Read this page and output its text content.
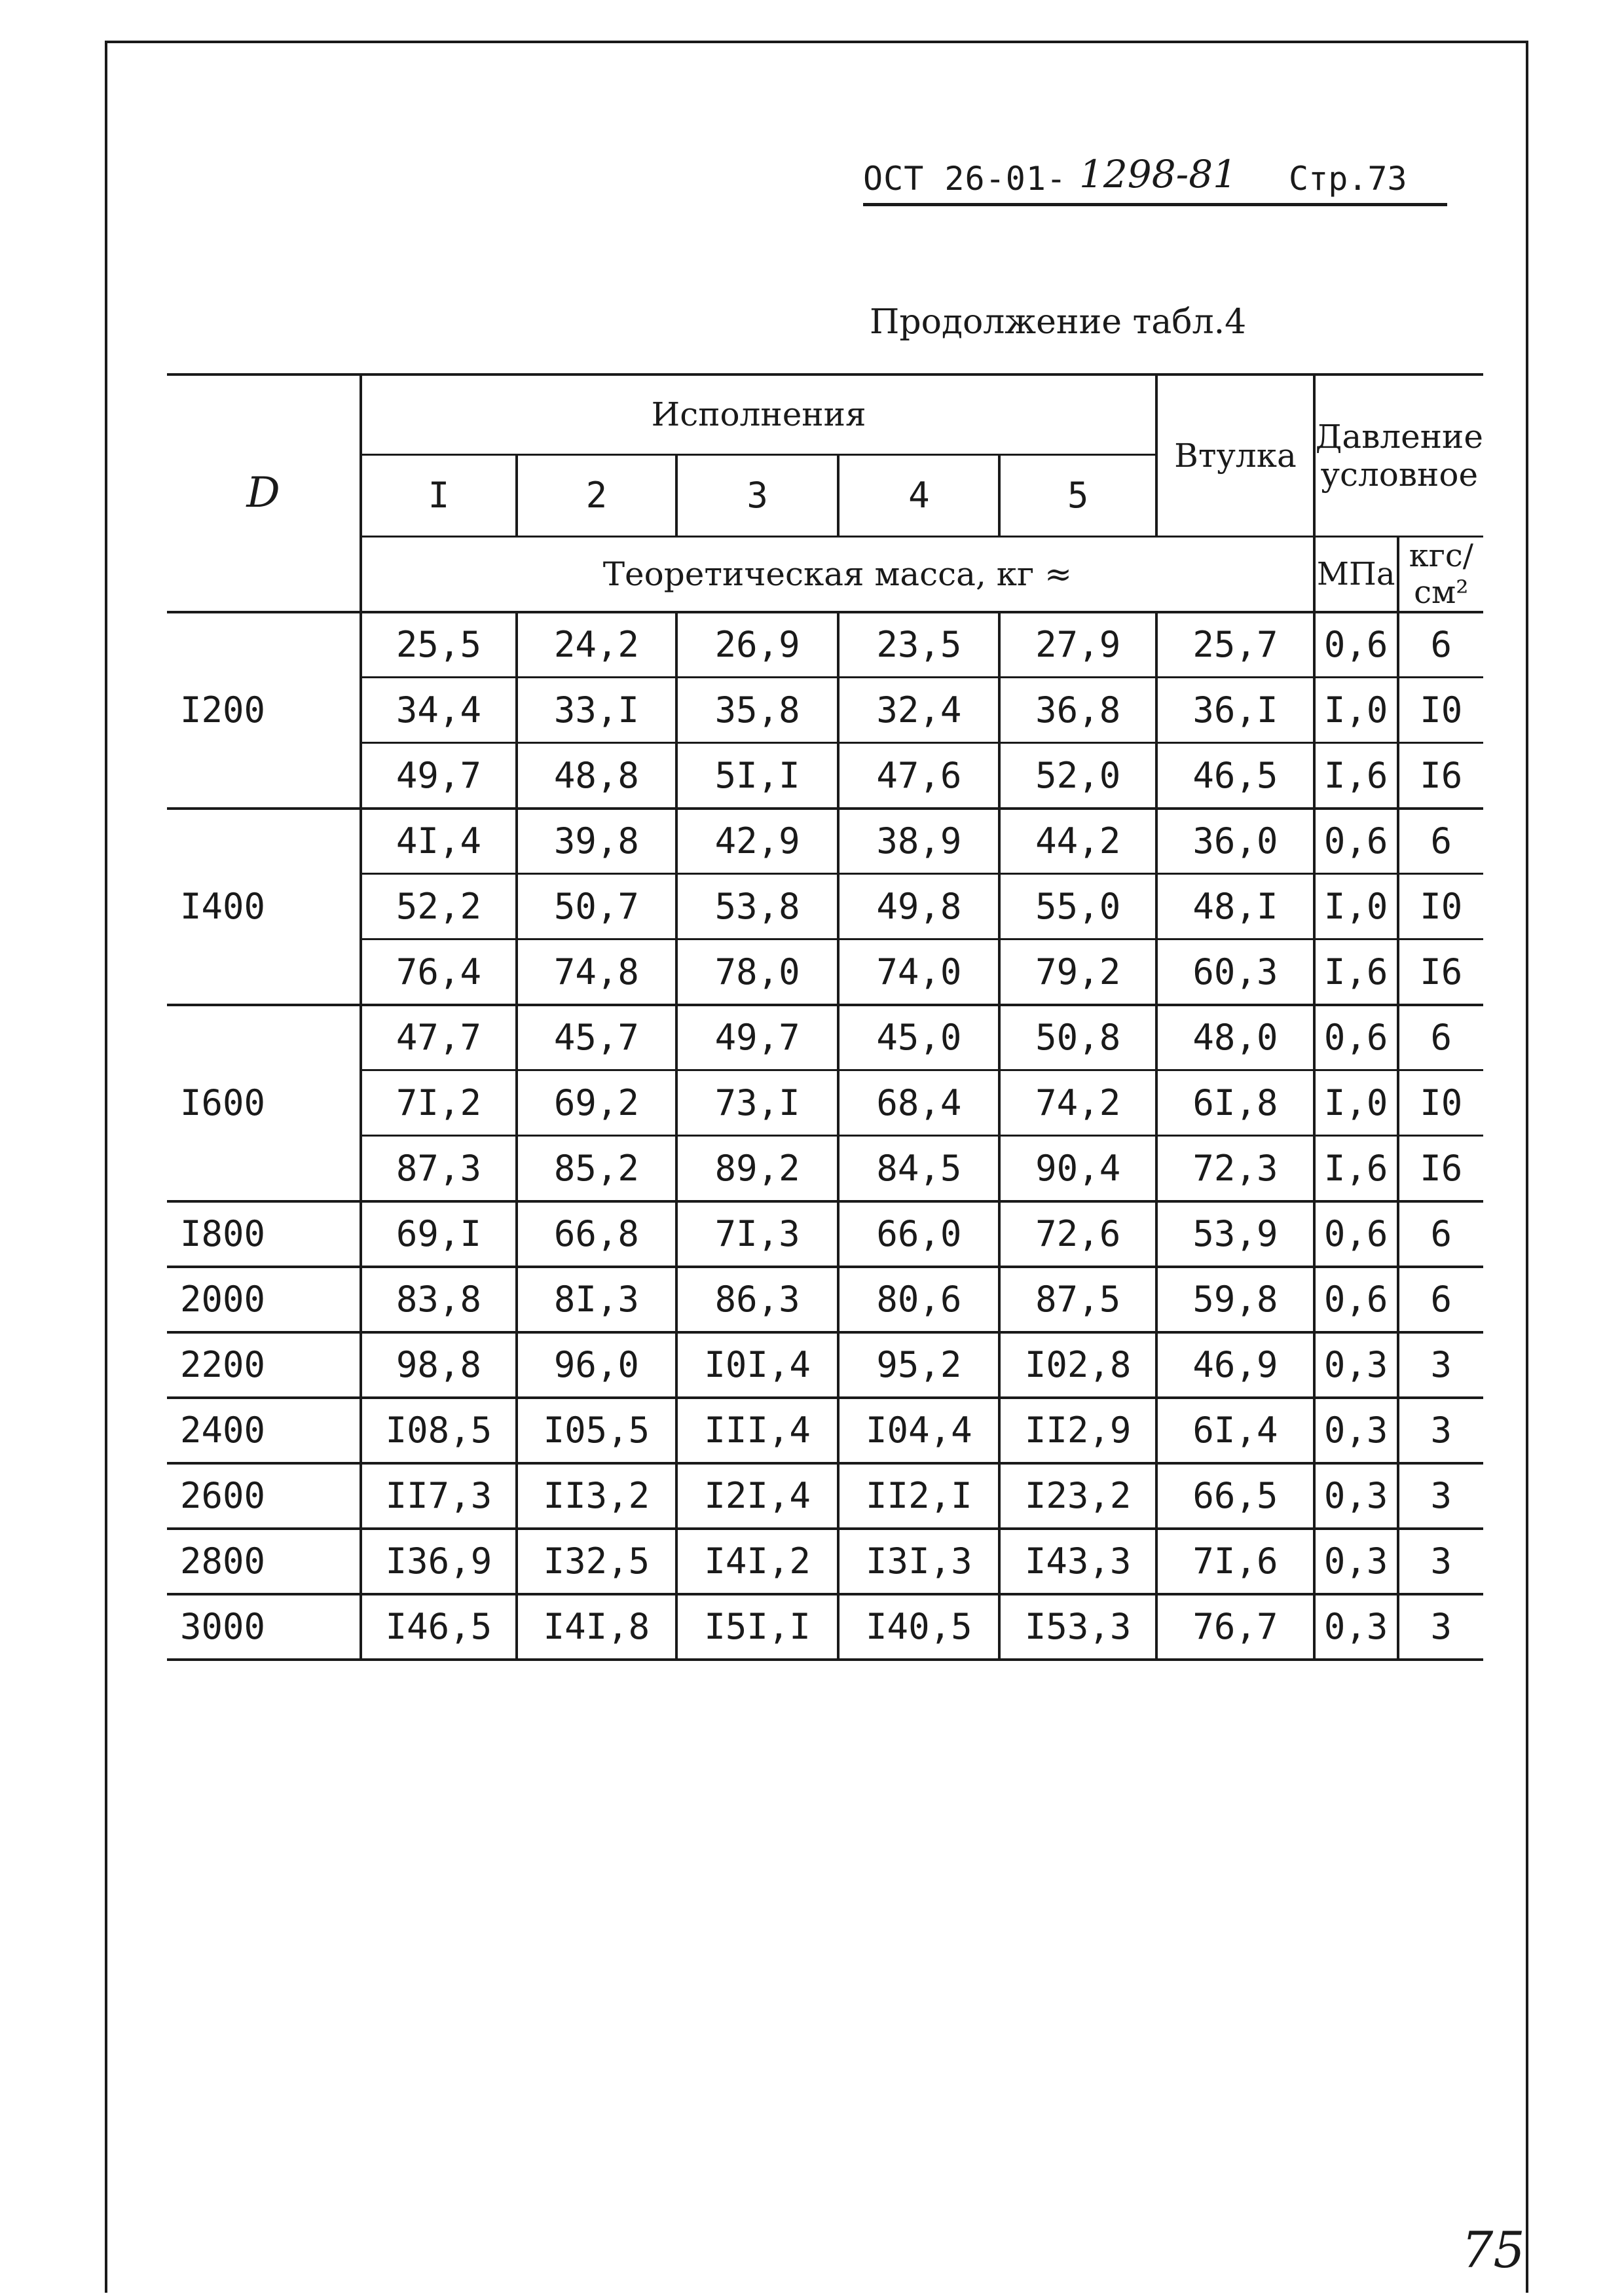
ОСТ 26-01- 1298-81 Стр.73
Продолжение табл.4
D	Исполнения					Втулка	Давление
условное	

	I	2	3	4	5			
	Теоретическая масса, кг ≈						МПа	кгс/см²
I200	25,5	24,2	26,9	23,5	27,9	25,7	0,6	6
	34,4	33,I	35,8	32,4	36,8	36,I	I,0	I0
	49,7	48,8	5I,I	47,6	52,0	46,5	I,6	I6
I400	4I,4	39,8	42,9	38,9	44,2	36,0	0,6	6
	52,2	50,7	53,8	49,8	55,0	48,I	I,0	I0
	76,4	74,8	78,0	74,0	79,2	60,3	I,6	I6
I600	47,7	45,7	49,7	45,0	50,8	48,0	0,6	6
	7I,2	69,2	73,I	68,4	74,2	6I,8	I,0	I0
	87,3	85,2	89,2	84,5	90,4	72,3	I,6	I6
I800	69,I	66,8	7I,3	66,0	72,6	53,9	0,6	6
2000	83,8	8I,3	86,3	80,6	87,5	59,8	0,6	6
2200	98,8	96,0	I0I,4	95,2	I02,8	46,9	0,3	3
2400	I08,5	I05,5	III,4	I04,4	II2,9	6I,4	0,3	3
2600	II7,3	II3,2	I2I,4	II2,I	I23,2	66,5	0,3	3
2800	I36,9	I32,5	I4I,2	I3I,3	I43,3	7I,6	0,3	3
3000	I46,5	I4I,8	I5I,I	I40,5	I53,3	76,7	0,3	3
75
